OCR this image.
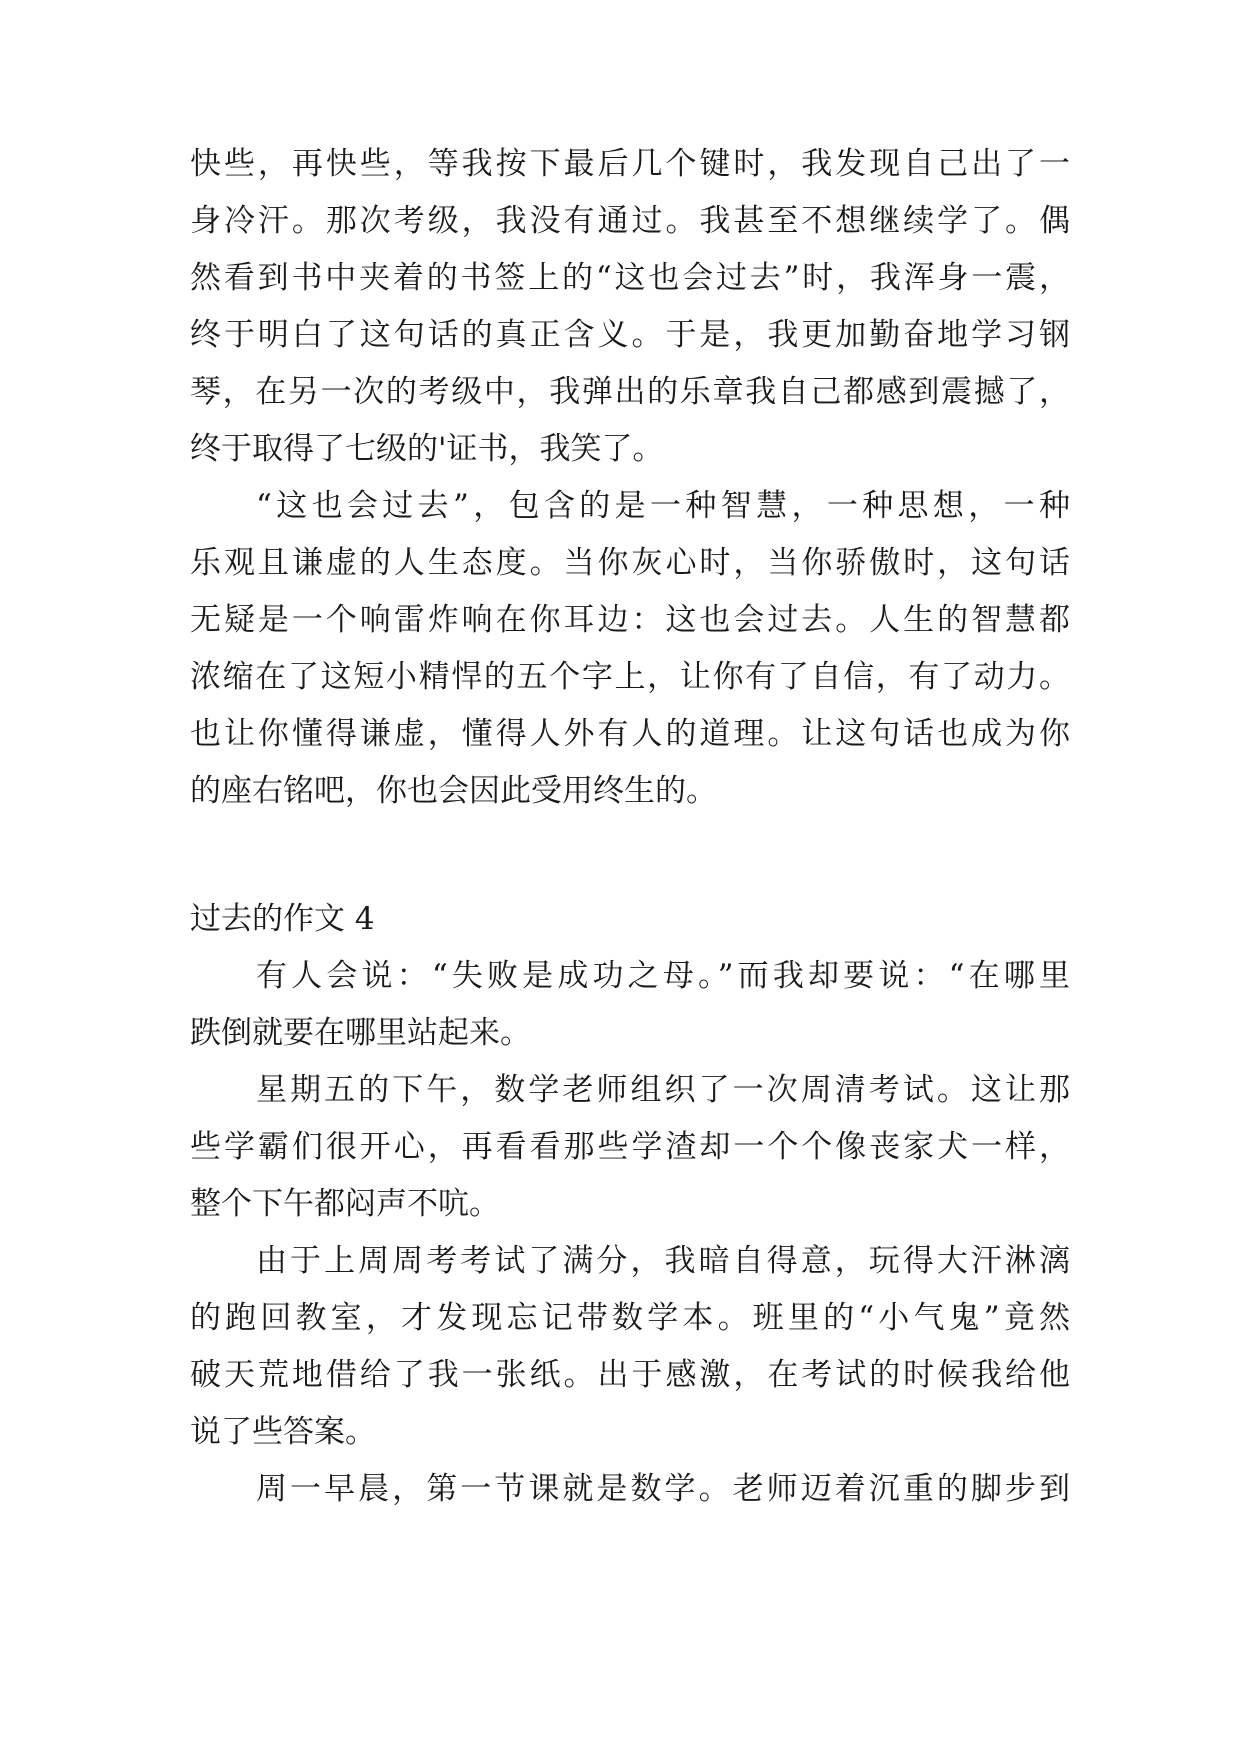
快些，再快些，等我按下最后几个键时，我发现自己出了一
身冷汗。那次考级，我没有通过。我甚至不想继续学了。偶
然看到书中夹着的书签上的“这也会过去”时，我浑身一震，
终于明白了这句话的真正含义。于是，我更加勤奋地学习钢
琴，在另一次的考级中，我弹出的乐章我自己都感到震撼了，
终于取得了七级的'证书，我笑了。
“这也会过去”，包含的是一种智慧，一种思想，一种
乐观且谦虚的人生态度。当你灰心时，当你骄傲时，这句话
无疑是一个响雷炸响在你耳边：这也会过去。人生的智慧都
浓缩在了这短小精悍的五个字上，让你有了自信，有了动力。
也让你懂得谦虚，懂得人外有人的道理。让这句话也成为你
的座右铭吧，你也会因此受用终生的。
过去的作文 4
有人会说：“失败是成功之母。”而我却要说：“在哪里
跌倒就要在哪里站起来。
星期五的下午，数学老师组织了一次周清考试。这让那
些学霸们很开心，再看看那些学渣却一个个像丧家犬一样，
整个下午都闷声不吭。
由于上周周考考试了满分，我暗自得意，玩得大汗淋漓
的跑回教室，才发现忘记带数学本。班里的“小气鬼”竟然
破天荒地借给了我一张纸。出于感激，在考试的时候我给他
说了些答案。
周一早晨，第一节课就是数学。老师迈着沉重的脚步到
